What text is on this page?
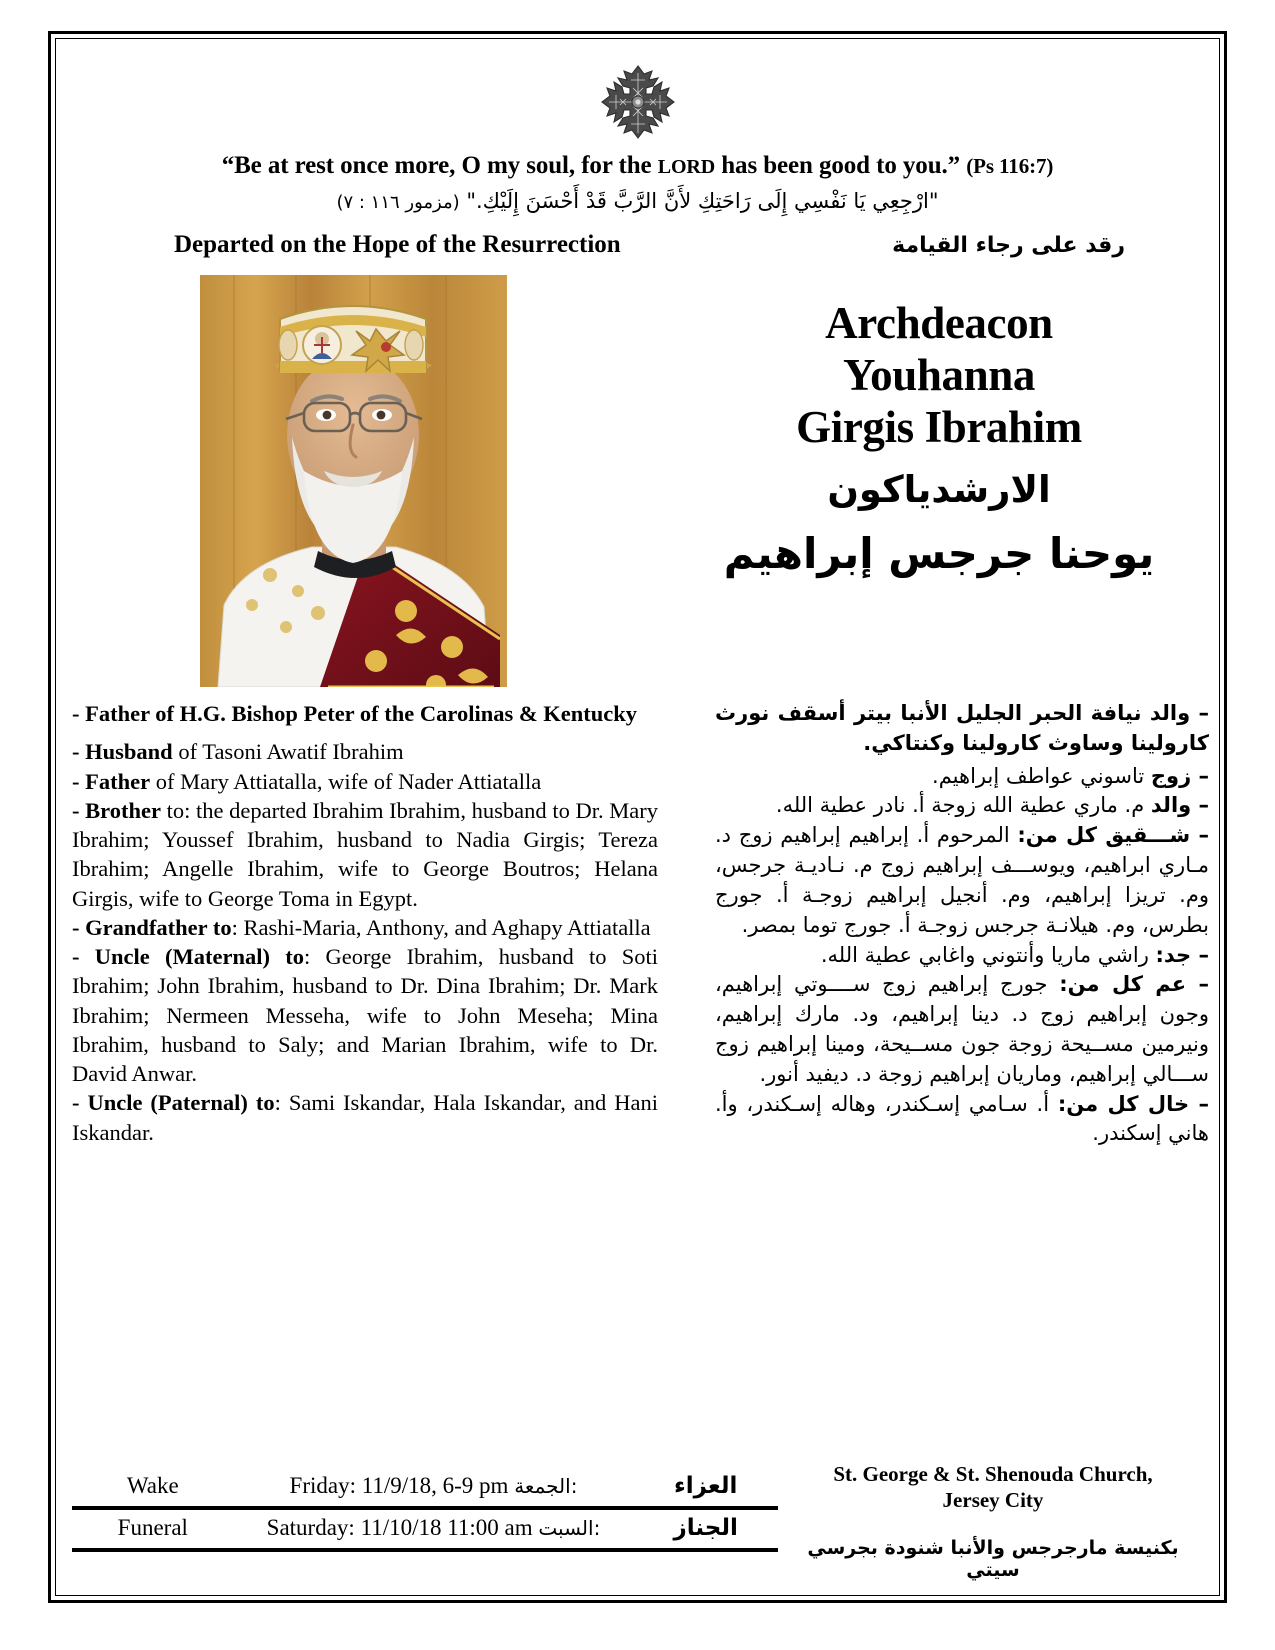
“Be at rest once more, O my soul, for the LORD has been good to you.” (Ps 116:7)
"ارْجِعِي يَا نَفْسِي إِلَى رَاحَتِكِ لأَنَّ الرَّبَّ قَدْ أَحْسَنَ إِلَيْكِ." (مزمور ١١٦ : ٧)
Departed on the Hope of the Resurrection	رقد على رجاء القيامة
Archdeacon
Youhanna
Girgis Ibrahim
الارشدياكون
يوحنا جرجس إبراهيم

- Father of H.G. Bishop Peter of the Carolinas & Kentucky

- Husband of Tasoni Awatif Ibrahim

- Father of Mary Attiatalla, wife of Nader Attiatalla

- Brother to: the departed Ibrahim Ibrahim, husband to Dr. Mary Ibrahim; Youssef Ibrahim, husband to Nadia Girgis; Tereza Ibrahim; Angelle Ibrahim, wife to George Boutros; Helana Girgis, wife to George Toma in Egypt.

- Grandfather to: Rashi-Maria, Anthony, and Aghapy Attiatalla

- Uncle (Maternal) to: George Ibrahim, husband to Soti Ibrahim; John Ibrahim, husband to Dr. Dina Ibrahim; Dr. Mark Ibrahim; Nermeen Messeha, wife to John Meseha; Mina Ibrahim, husband to Saly; and Marian Ibrahim, wife to Dr. David Anwar.

- Uncle (Paternal) to: Sami Iskandar, Hala Iskandar, and Hani Iskandar.

– والد نيافة الحبر الجليل الأنبا بيتر أسقف نورث كارولينا وساوث كارولينا وكنتاكي.

– زوج تاسوني عواطف إبراهيم.

– والد م. ماري عطية الله زوجة أ. نادر عطية الله.

– شـــقيق كل من: المرحوم أ. إبراهيم إبراهيم زوج د. مـاري ابراهيم، ويوســـف إبراهيم زوج م. نـاديـة جرجس، وم. تريزا إبراهيم، وم. أنجيل إبراهيم زوجـة أ. جورج بطرس، وم. هيلانـة جرجس زوجـة أ. جورج توما بمصر.

– جد: راشي ماريا وأنتوني واغابي عطية الله.

– عم كل من: جورج إبراهيم زوج ســــوتي إبراهيم، وجون إبراهيم زوج د. دينا إبراهيم، ود. مارك إبراهيم، ونيرمين مســيحة زوجة جون مســيحة، ومينا إبراهيم زوج ســـالي إبراهيم، وماريان إبراهيم زوجة د. ديفيد أنور.

– خال كل من: أ. سـامي إسـكندر، وهاله إسـكندر، وأ. هاني إسكندر.

Wake	Friday: 11/9/18, 6-9 pm الجمعة:	العزاء
Funeral	Saturday: 11/10/18 11:00 am السبت:	الجناز
St. George & St. Shenouda Church,
Jersey City
بكنيسة مارجرجس والأنبا شنودة بجرسي سيتي
